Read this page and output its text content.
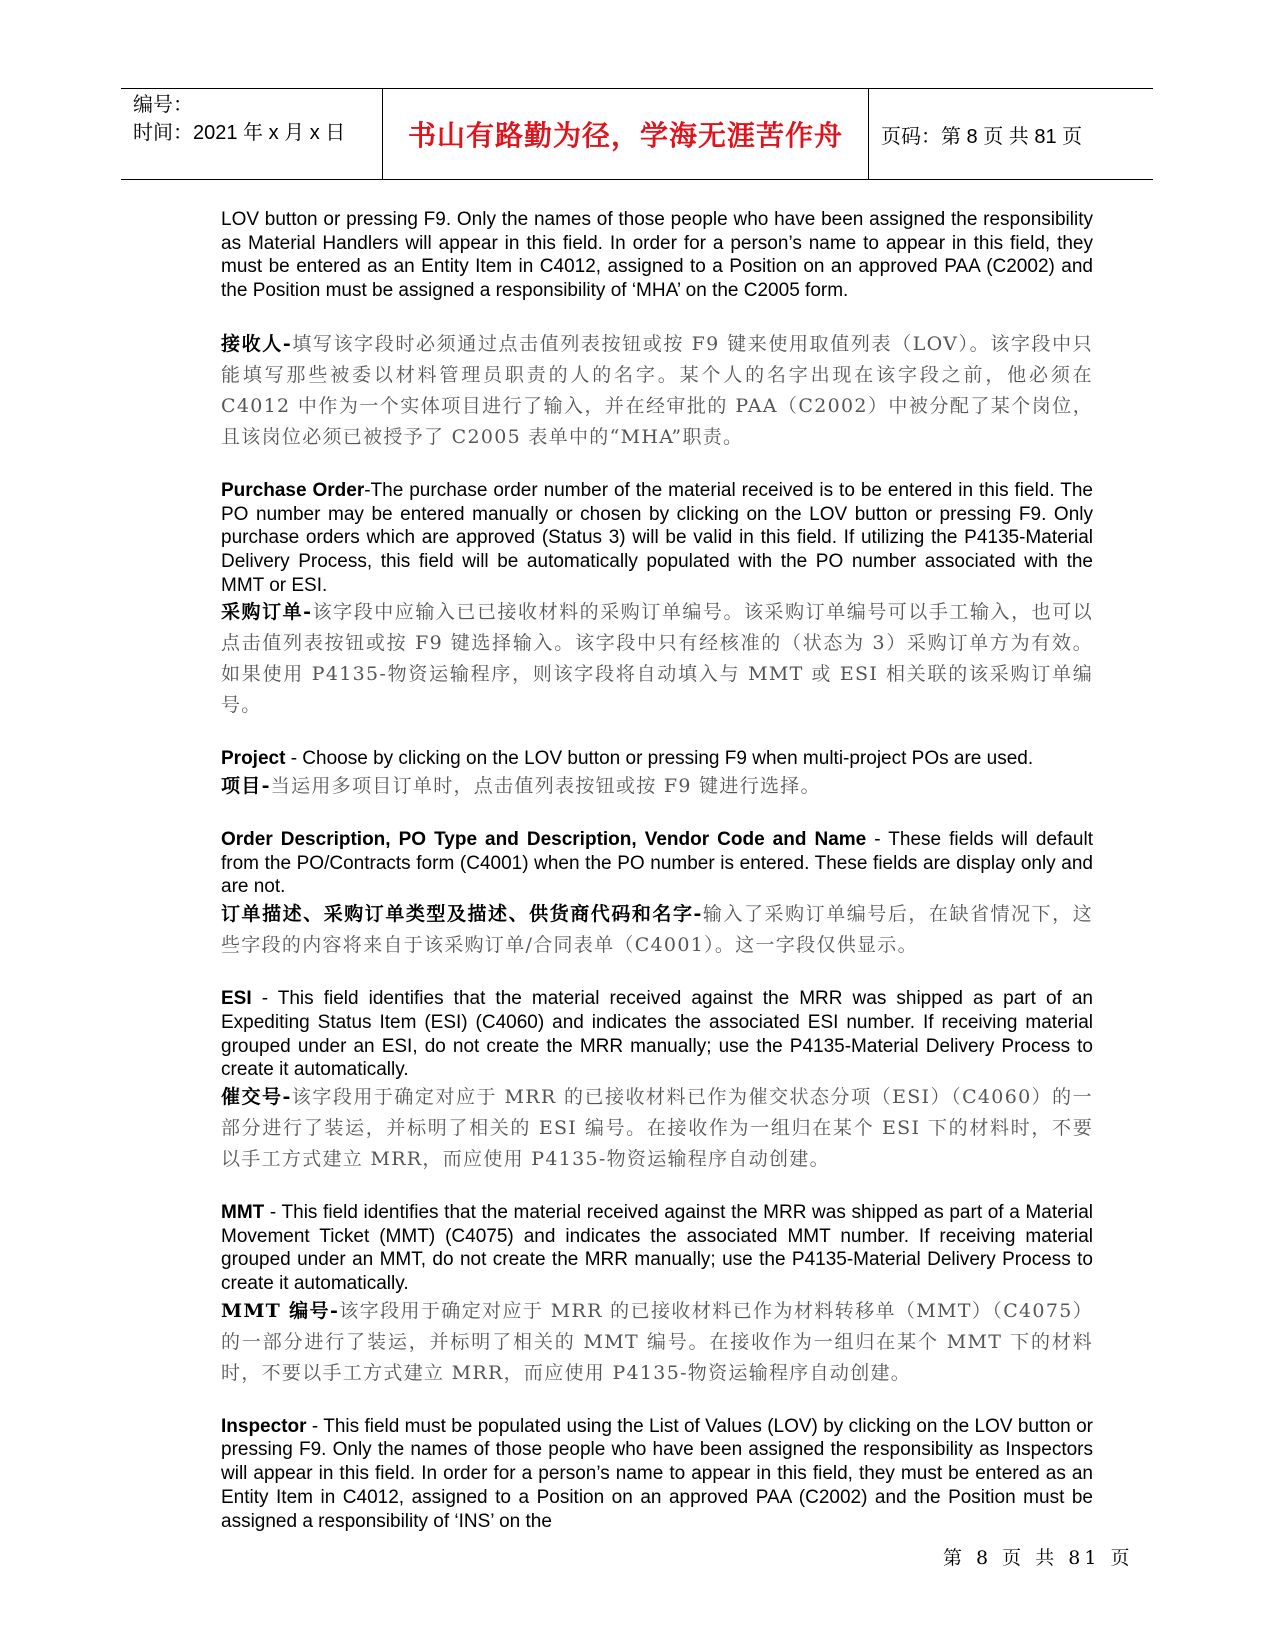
编号：
时间：2021 年 x 月 x 日	书山有路勤为径，学海无涯苦作舟 页码：第 8 页 共 81 页

LOV button or pressing F9. Only the names of those people who have been assigned the responsibility as Material Handlers will appear in this field. In order for a person’s name to appear in this field, they must be entered as an Entity Item in C4012, assigned to a Position on an approved PAA (C2002) and the Position must be assigned a responsibility of ‘MHA’ on the C2005 form.

接收人-填写该字段时必须通过点击值列表按钮或按 F9 键来使用取值列表（LOV）。该字段中只能填写那些被委以材料管理员职责的人的名字。某个人的名字出现在该字段之前，他必须在 C4012 中作为一个实体项目进行了输入，并在经审批的 PAA（C2002）中被分配了某个岗位，且该岗位必须已被授予了 C2005 表单中的“MHA”职责。

Purchase Order-The purchase order number of the material received is to be entered in this field. The PO number may be entered manually or chosen by clicking on the LOV button or pressing F9. Only purchase orders which are approved (Status 3) will be valid in this field. If utilizing the P4135-Material Delivery Process, this field will be automatically populated with the PO number associated with the MMT or ESI.

采购订单-该字段中应输入已已接收材料的采购订单编号。该采购订单编号可以手工输入，也可以点击值列表按钮或按 F9 键选择输入。该字段中只有经核准的（状态为 3）采购订单方为有效。如果使用 P4135-物资运输程序，则该字段将自动填入与 MMT 或 ESI 相关联的该采购订单编号。

Project - Choose by clicking on the LOV button or pressing F9 when multi-project POs are used.

项目-当运用多项目订单时，点击值列表按钮或按 F9 键进行选择。

Order Description, PO Type and Description, Vendor Code and Name - These fields will default from the PO/Contracts form (C4001) when the PO number is entered. These fields are display only and are not.

订单描述、采购订单类型及描述、供货商代码和名字-输入了采购订单编号后，在缺省情况下，这些字段的内容将来自于该采购订单/合同表单（C4001）。这一字段仅供显示。

ESI - This field identifies that the material received against the MRR was shipped as part of an Expediting Status Item (ESI) (C4060) and indicates the associated ESI number. If receiving material grouped under an ESI, do not create the MRR manually; use the P4135-Material Delivery Process to create it automatically.

催交号-该字段用于确定对应于 MRR 的已接收材料已作为催交状态分项（ESI）（C4060）的一部分进行了装运，并标明了相关的 ESI 编号。在接收作为一组归在某个 ESI 下的材料时，不要以手工方式建立 MRR，而应使用 P4135-物资运输程序自动创建。

MMT - This field identifies that the material received against the MRR was shipped as part of a Material Movement Ticket (MMT) (C4075) and indicates the associated MMT number. If receiving material grouped under an MMT, do not create the MRR manually; use the P4135-Material Delivery Process to create it automatically.

MMT 编号-该字段用于确定对应于 MRR 的已接收材料已作为材料转移单（MMT）（C4075）的一部分进行了装运，并标明了相关的 MMT 编号。在接收作为一组归在某个 MMT 下的材料时，不要以手工方式建立 MRR，而应使用 P4135-物资运输程序自动创建。

Inspector - This field must be populated using the List of Values (LOV) by clicking on the LOV button or pressing F9. Only the names of those people who have been assigned the responsibility as Inspectors will appear in this field. In order for a person’s name to appear in this field, they must be entered as an Entity Item in C4012, assigned to a Position on an approved PAA (C2002) and the Position must be assigned a responsibility of ‘INS’ on the

第 8 页 共 81 页
